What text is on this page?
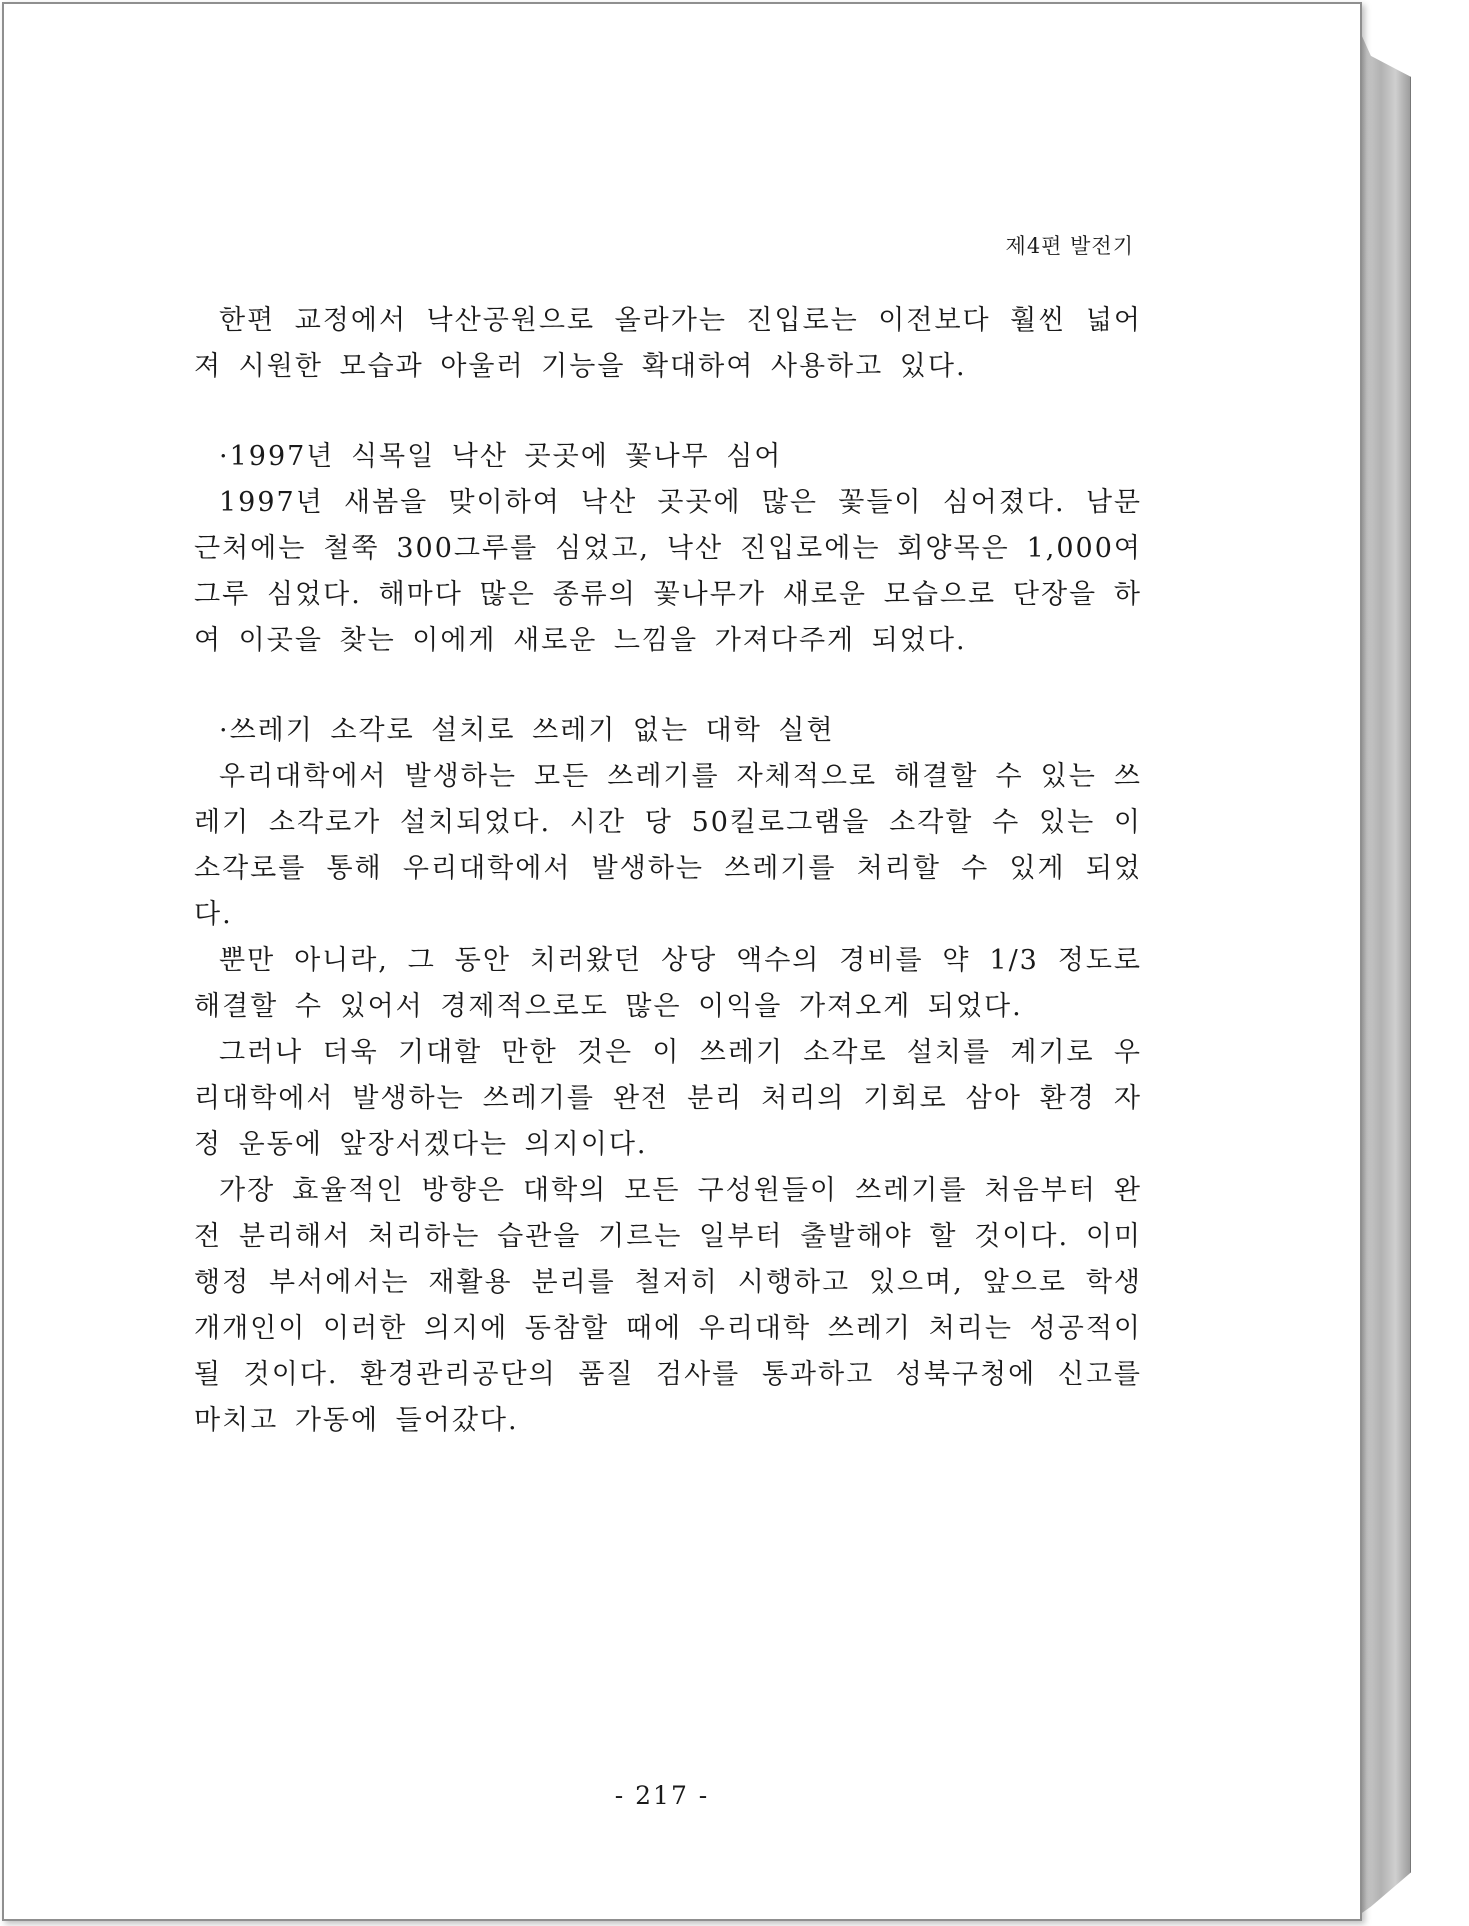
제4편 발전기

한편 교정에서 낙산공원으로 올라가는 진입로는 이전보다 훨씬 넓어져 시원한 모습과 아울러 기능을 확대하여 사용하고 있다.

·1997년 식목일 낙산 곳곳에 꽃나무 심어

1997년 새봄을 맞이하여 낙산 곳곳에 많은 꽃들이 심어졌다. 남문 근처에는 철쭉 300그루를 심었고, 낙산 진입로에는 회양목은 1,000여 그루 심었다. 해마다 많은 종류의 꽃나무가 새로운 모습으로 단장을 하여 이곳을 찾는 이에게 새로운 느낌을 가져다주게 되었다.

·쓰레기 소각로 설치로 쓰레기 없는 대학 실현

우리대학에서 발생하는 모든 쓰레기를 자체적으로 해결할 수 있는 쓰레기 소각로가 설치되었다. 시간 당 50킬로그램을 소각할 수 있는 이 소각로를 통해 우리대학에서 발생하는 쓰레기를 처리할 수 있게 되었다.

뿐만 아니라, 그 동안 치러왔던 상당 액수의 경비를 약 1/3 정도로 해결할 수 있어서 경제적으로도 많은 이익을 가져오게 되었다.

그러나 더욱 기대할 만한 것은 이 쓰레기 소각로 설치를 계기로 우리대학에서 발생하는 쓰레기를 완전 분리 처리의 기회로 삼아 환경 자정 운동에 앞장서겠다는 의지이다.

가장 효율적인 방향은 대학의 모든 구성원들이 쓰레기를 처음부터 완전 분리해서 처리하는 습관을 기르는 일부터 출발해야 할 것이다. 이미 행정 부서에서는 재활용 분리를 철저히 시행하고 있으며, 앞으로 학생 개개인이 이러한 의지에 동참할 때에 우리대학 쓰레기 처리는 성공적이 될 것이다. 환경관리공단의 품질 검사를 통과하고 성북구청에 신고를 마치고 가동에 들어갔다.

- 217 -
